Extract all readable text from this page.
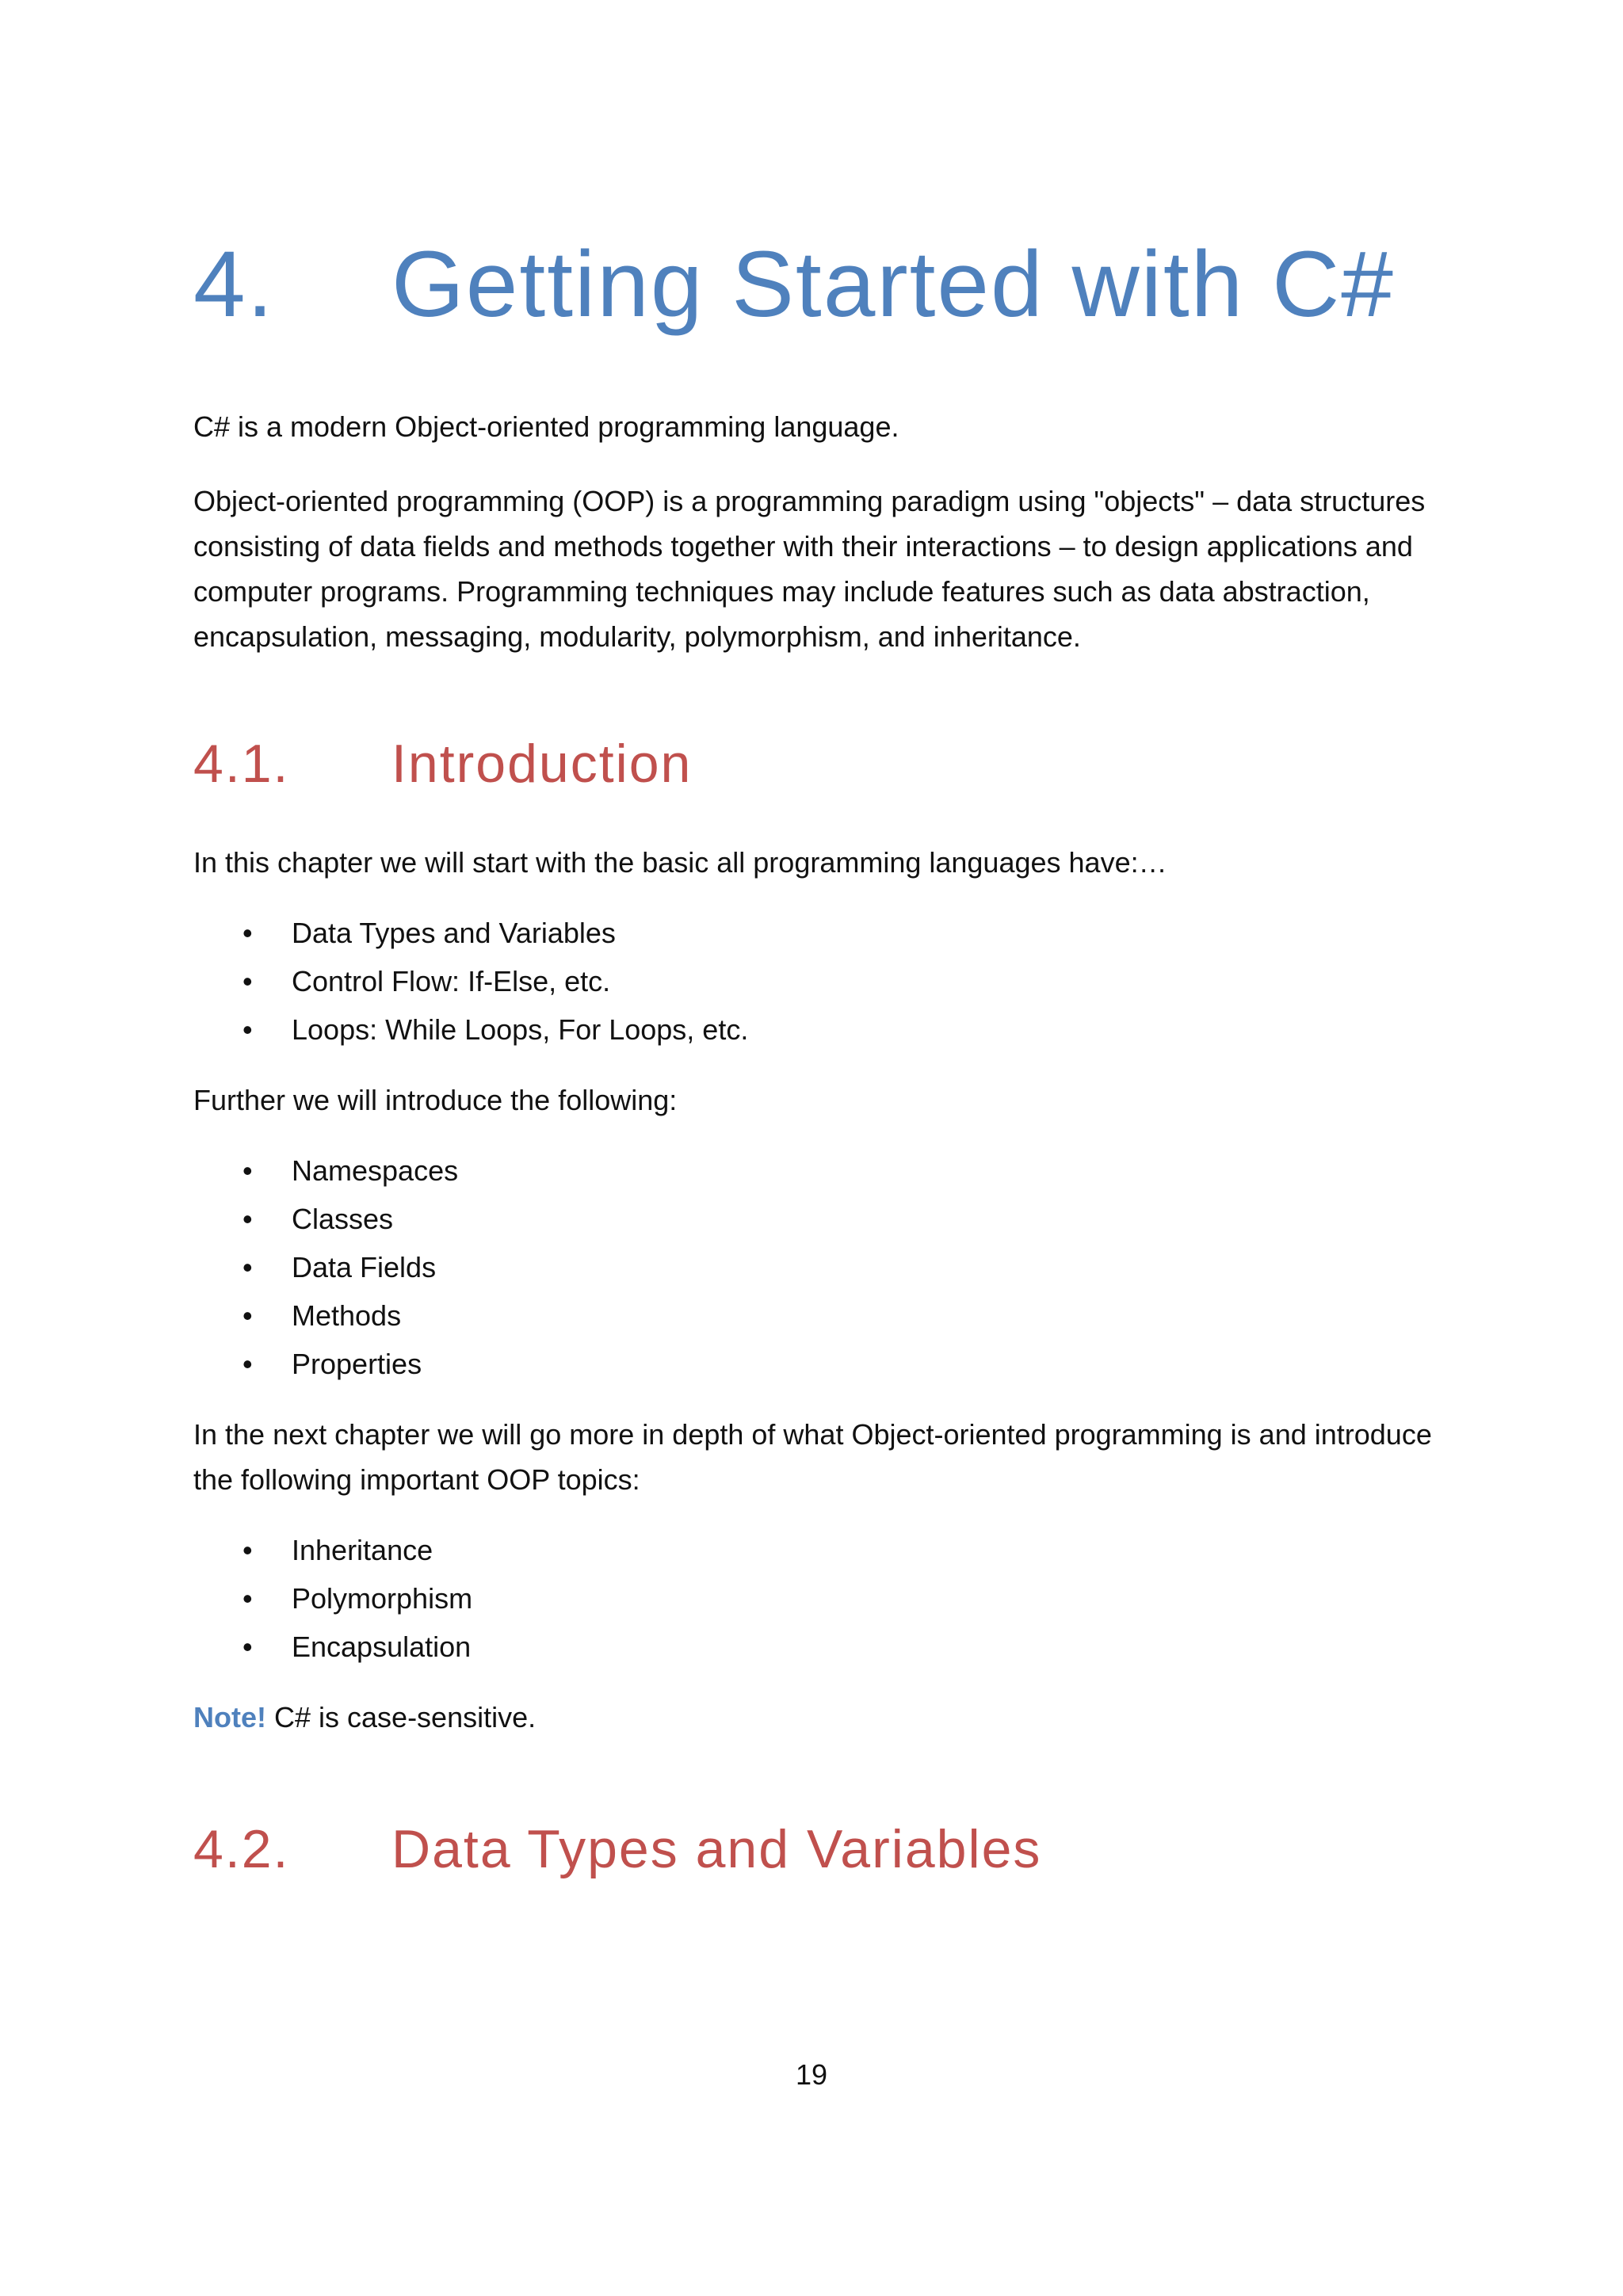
4.	Getting Started with C#

C# is a modern Object-oriented programming language.

Object-oriented programming (OOP) is a programming paradigm using "objects" – data structures consisting of data fields and methods together with their interactions – to design applications and computer programs. Programming techniques may include features such as data abstraction, encapsulation, messaging, modularity, polymorphism, and inheritance.

4.1.	Introduction

In this chapter we will start with the basic all programming languages have:…

• Data Types and Variables
• Control Flow: If-Else, etc.
• Loops: While Loops, For Loops, etc.

Further we will introduce the following:

• Namespaces
• Classes
• Data Fields
• Methods
• Properties

In the next chapter we will go more in depth of what Object-oriented programming is and introduce the following important OOP topics:

• Inheritance
• Polymorphism
• Encapsulation

Note! C# is case-sensitive.

4.2.	Data Types and Variables
19
